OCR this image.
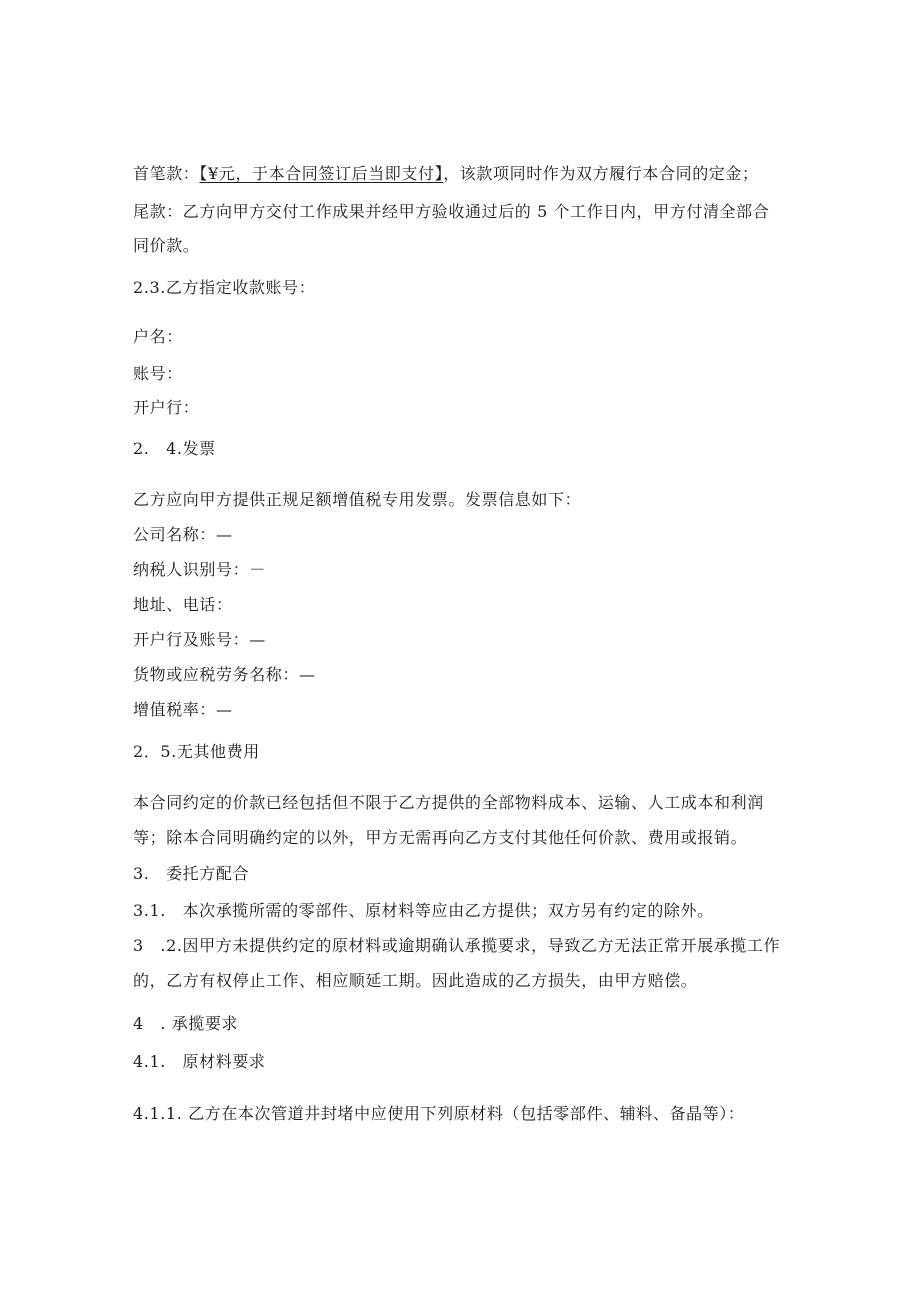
首笔款：【¥元，于本合同签订后当即支付】，该款项同时作为双方履行本合同的定金；
尾款：乙方向甲方交付工作成果并经甲方验收通过后的 5 个工作日内，甲方付清全部合
同价款。
2.3.乙方指定收款账号：
户名：
账号：
开户行：
2.　4.发票
乙方应向甲方提供正规足额增值税专用发票。发票信息如下：
公司名称：—
纳税人识别号：－
地址、电话：
开户行及账号：—
货物或应税劳务名称：—
增值税率：—
2．5.无其他费用
本合同约定的价款已经包括但不限于乙方提供的全部物料成本、运输、人工成本和利润
等；除本合同明确约定的以外，甲方无需再向乙方支付其他任何价款、费用或报销。
3.　委托方配合
3.1.　本次承揽所需的零部件、原材料等应由乙方提供；双方另有约定的除外。
3　.2.因甲方未提供约定的原材料或逾期确认承揽要求，导致乙方无法正常开展承揽工作
的，乙方有权停止工作、相应顺延工期。因此造成的乙方损失，由甲方赔偿。
4　. 承揽要求
4.1.　原材料要求
4.1.1. 乙方在本次管道井封堵中应使用下列原材料（包括零部件、辅料、备晶等）：
